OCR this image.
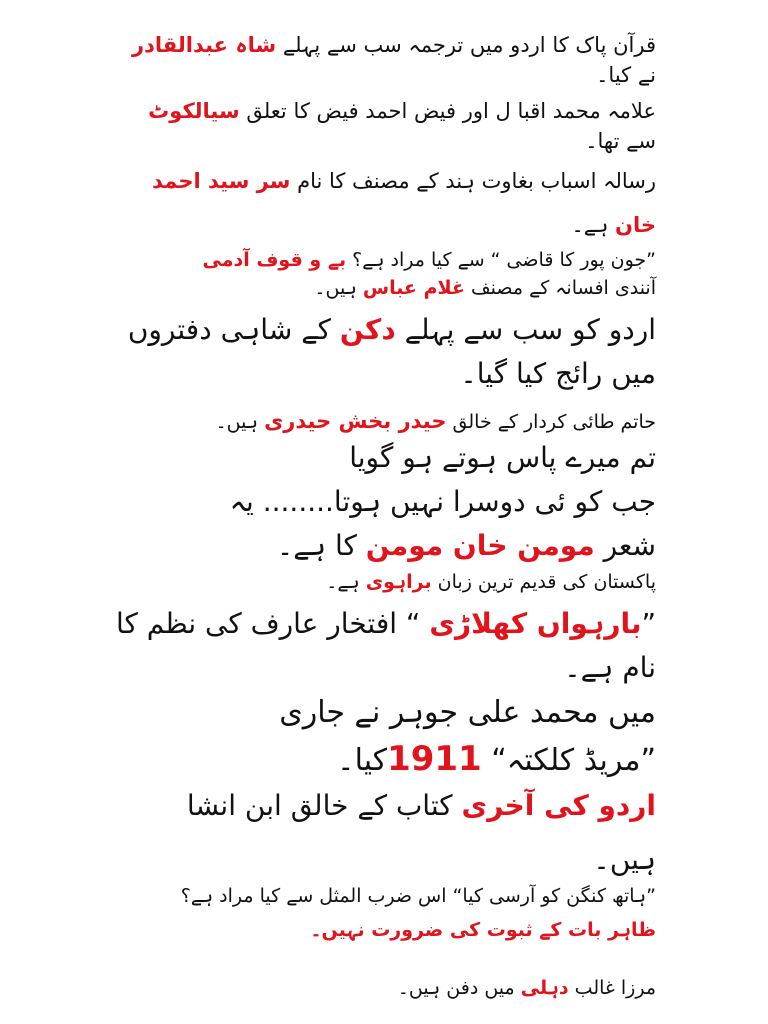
قرآن پاک کا اردو میں ترجمہ سب سے پہلے شاہ عبدالقادر
نے کیا۔
علامہ محمد اقبا ل اور فیض احمد فیض کا تعلق سیالکوٹ
سے تھا۔
رسالہ اسباب بغاوت ہند کے مصنف کا نام سر سید احمد
خان ہے۔
”جون پور کا قاضی “ سے کیا مراد ہے؟ بے و قوف آدمی
آنندی افسانہ کے مصنف غلام عباس ہیں۔
اردو کو سب سے پہلے دکن کے شاہی دفتروں
میں رائج کیا گیا۔
حاتم طائی کردار کے خالق حیدر بخش حیدری ہیں۔
تم میرے پاس ہوتے ہو گویا
جب کو ئی دوسرا نہیں ہوتا........ یہ
شعر مومن خان مومن کا ہے۔
پاکستان کی قدیم ترین زبان براہوی ہے۔
”بارہواں کھلاڑی “ افتخار عارف کی نظم کا
نام ہے۔
میں محمد علی جوہر نے جاری
”مریڈ کلکتہ“ 1911کیا۔
اردو کی آخری کتاب کے خالق ابن انشا
ہیں۔
”ہاتھ کنگن کو آرسی کیا“ اس ضرب المثل سے کیا مراد ہے؟
ظاہر بات کے ثبوت کی ضرورت نہیں۔
مرزا غالب دہلی میں دفن ہیں۔
